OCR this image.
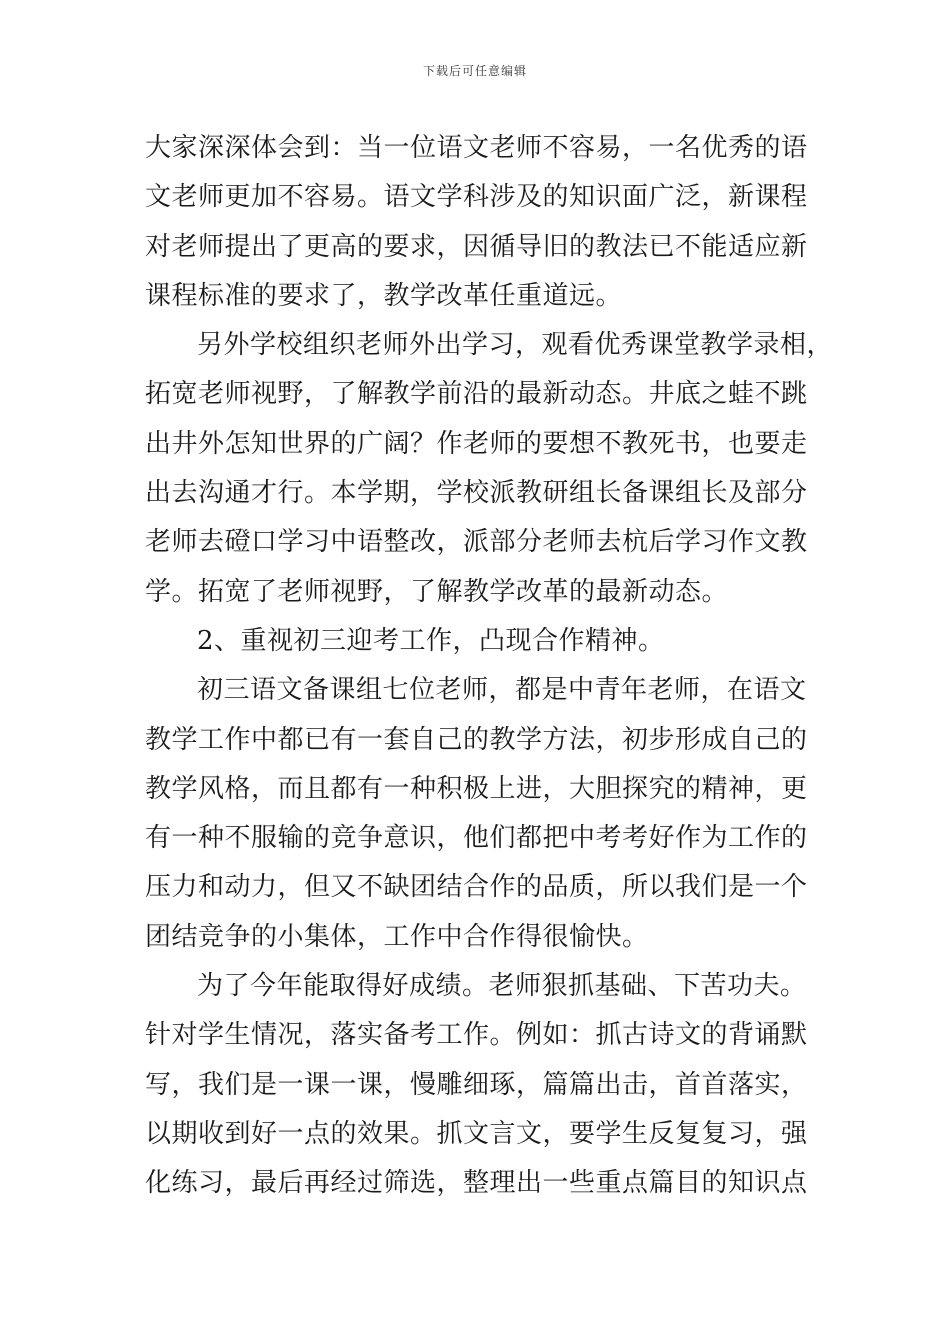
下载后可任意编辑
大家深深体会到：当一位语文老师不容易，一名优秀的语
文老师更加不容易。语文学科涉及的知识面广泛，新课程
对老师提出了更高的要求，因循导旧的教法已不能适应新
课程标准的要求了，教学改革任重道远。
另外学校组织老师外出学习，观看优秀课堂教学录相，
拓宽老师视野，了解教学前沿的最新动态。井底之蛙不跳
出井外怎知世界的广阔？作老师的要想不教死书，也要走
出去沟通才行。本学期，学校派教研组长备课组长及部分
老师去磴口学习中语整改，派部分老师去杭后学习作文教
学。拓宽了老师视野，了解教学改革的最新动态。
2、重视初三迎考工作，凸现合作精神。
初三语文备课组七位老师，都是中青年老师，在语文
教学工作中都已有一套自己的教学方法，初步形成自己的
教学风格，而且都有一种积极上进，大胆探究的精神，更
有一种不服输的竞争意识，他们都把中考考好作为工作的
压力和动力，但又不缺团结合作的品质，所以我们是一个
团结竞争的小集体，工作中合作得很愉快。
为了今年能取得好成绩。老师狠抓基础、下苦功夫。
针对学生情况，落实备考工作。例如：抓古诗文的背诵默
写，我们是一课一课，慢雕细琢，篇篇出击，首首落实，
以期收到好一点的效果。抓文言文，要学生反复复习，强
化练习，最后再经过筛选，整理出一些重点篇目的知识点
